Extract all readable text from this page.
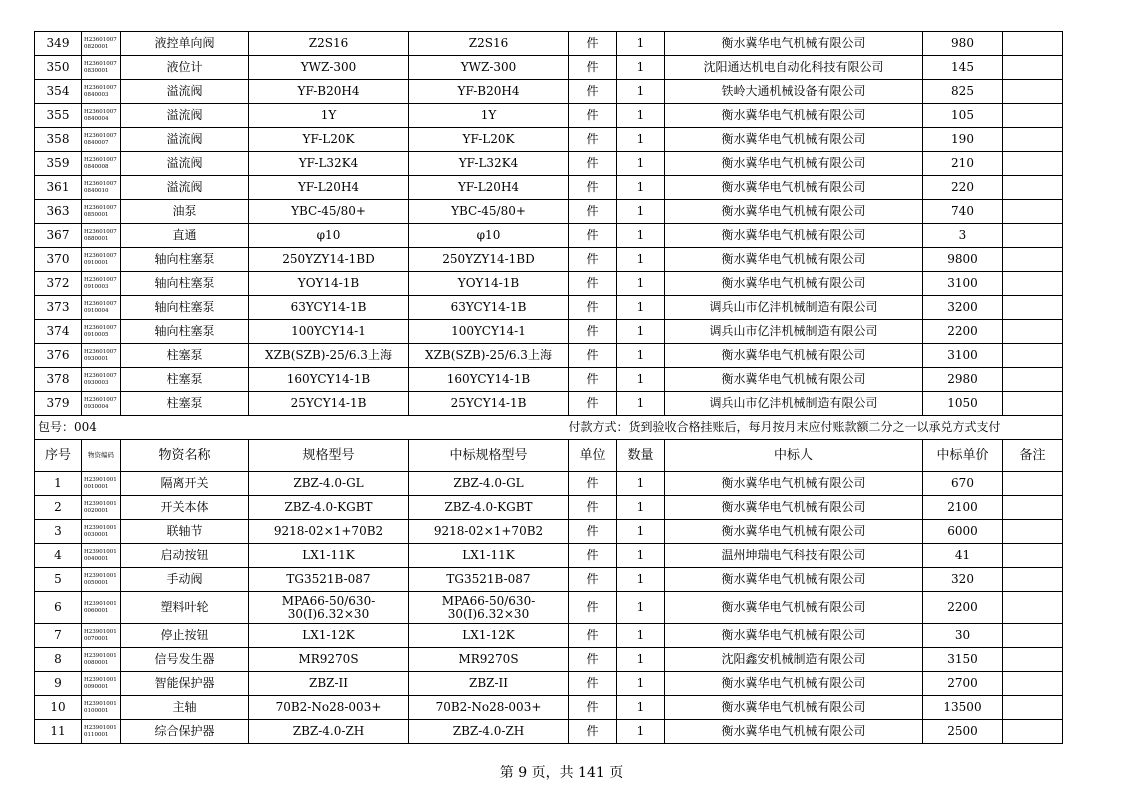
349	H23601007 0820001	液控单向阀	Z2S16	Z2S16	件	1	衡水冀华电气机械有限公司	980	
350	H23601007 0830001	液位计	YWZ-300	YWZ-300	件	1	沈阳通达机电自动化科技有限公司	145	
354	H23601007 0840003	溢流阀	YF-B20H4	YF-B20H4	件	1	铁岭大通机械设备有限公司	825	
355	H23601007 0840004	溢流阀	1Y	1Y	件	1	衡水冀华电气机械有限公司	105	
358	H23601007 0840007	溢流阀	YF-L20K	YF-L20K	件	1	衡水冀华电气机械有限公司	190	
359	H23601007 0840008	溢流阀	YF-L32K4	YF-L32K4	件	1	衡水冀华电气机械有限公司	210	
361	H23601007 0840010	溢流阀	YF-L20H4	YF-L20H4	件	1	衡水冀华电气机械有限公司	220	
363	H23601007 0850001	油泵	YBC-45/80+	YBC-45/80+	件	1	衡水冀华电气机械有限公司	740	
367	H23601007 0880001	直通	φ10	φ10	件	1	衡水冀华电气机械有限公司	3	
370	H23601007 0910001	轴向柱塞泵	250YZY14-1BD	250YZY14-1BD	件	1	衡水冀华电气机械有限公司	9800	
372	H23601007 0910003	轴向柱塞泵	YOY14-1B	YOY14-1B	件	1	衡水冀华电气机械有限公司	3100	
373	H23601007 0910004	轴向柱塞泵	63YCY14-1B	63YCY14-1B	件	1	调兵山市亿沣机械制造有限公司	3200	
374	H23601007 0910005	轴向柱塞泵	100YCY14-1	100YCY14-1	件	1	调兵山市亿沣机械制造有限公司	2200	
376	H23601007 0930001	柱塞泵	XZB(SZB)-25/6.3上海	XZB(SZB)-25/6.3上海	件	1	衡水冀华电气机械有限公司	3100	
378	H23601007 0930003	柱塞泵	160YCY14-1B	160YCY14-1B	件	1	衡水冀华电气机械有限公司	2980	
379	H23601007 0930004	柱塞泵	25YCY14-1B	25YCY14-1B	件	1	调兵山市亿沣机械制造有限公司	1050	
包号：004					付款方式：货到验收合格挂账后，每月按月末应付账款额二分之一以承兑方式支付				
序号	物资编码	物资名称	规格型号	中标规格型号	单位	数量	中标人	中标单价	备注
1	H23901001 0010001	隔离开关	ZBZ-4.0-GL	ZBZ-4.0-GL	件	1	衡水冀华电气机械有限公司	670	
2	H23901001 0020001	开关本体	ZBZ-4.0-KGBT	ZBZ-4.0-KGBT	件	1	衡水冀华电气机械有限公司	2100	
3	H23901001 0030001	联轴节	9218-02×1+70B2	9218-02×1+70B2	件	1	衡水冀华电气机械有限公司	6000	
4	H23901001 0040001	启动按钮	LX1-11K	LX1-11K	件	1	温州坤瑞电气科技有限公司	41	
5	H23901001 0050001	手动阀	TG3521B-087	TG3521B-087	件	1	衡水冀华电气机械有限公司	320	
6	H23901001 0060001	塑料叶轮	MPA66-50/630-30(I)6.32×30	MPA66-50/630-30(I)6.32×30	件	1	衡水冀华电气机械有限公司	2200	
7	H23901001 0070001	停止按钮	LX1-12K	LX1-12K	件	1	衡水冀华电气机械有限公司	30	
8	H23901001 0080001	信号发生器	MR9270S	MR9270S	件	1	沈阳鑫安机械制造有限公司	3150	
9	H23901001 0090001	智能保护器	ZBZ-II	ZBZ-II	件	1	衡水冀华电气机械有限公司	2700	
10	H23901001 0100001	主轴	70B2-No28-003+	70B2-No28-003+	件	1	衡水冀华电气机械有限公司	13500	
11	H23901001 0110001	综合保护器	ZBZ-4.0-ZH	ZBZ-4.0-ZH	件	1	衡水冀华电气机械有限公司	2500	
第 9 页，共 141 页
